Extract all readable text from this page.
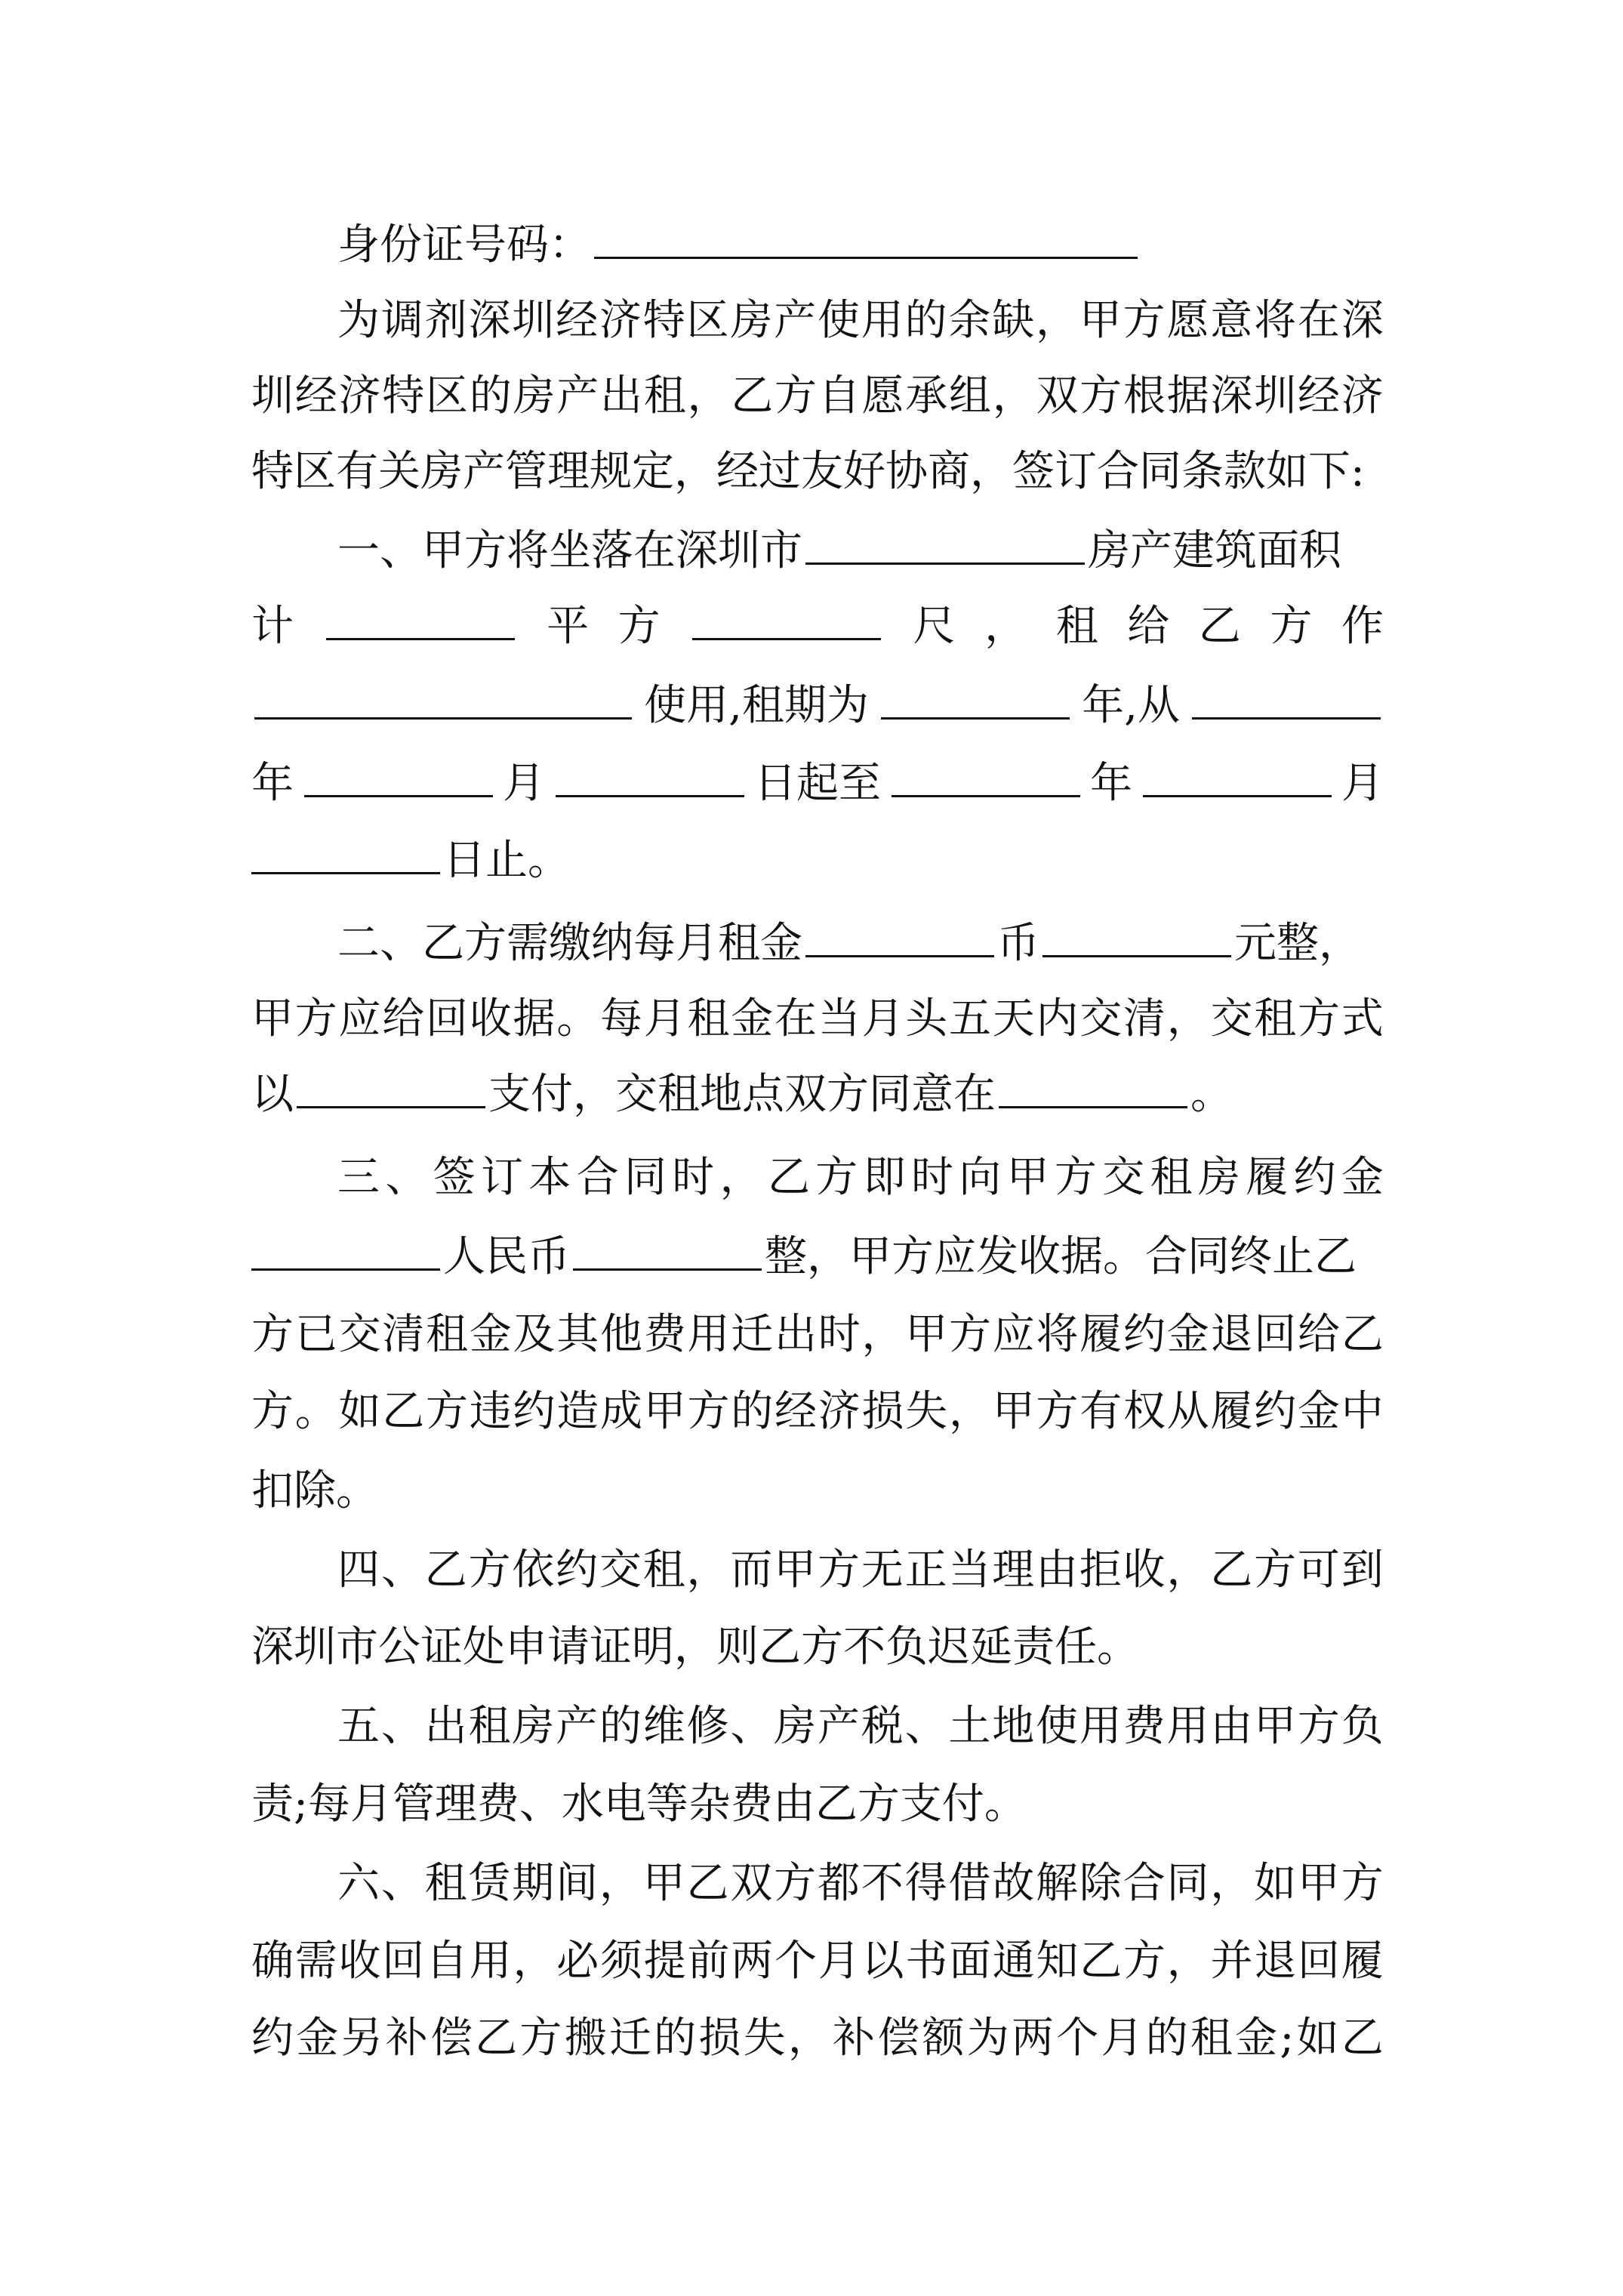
身份证号码：
为 调 剂 深 圳 经 济 特 区 房 产 使 用 的 余 缺 ， 甲 方 愿 意 将 在 深
圳 经 济 特 区 的 房 产 出 租 ， 乙 方 自 愿 承 组 ， 双 方 根 据 深 圳 经 济
特区有关房产管理规定，经过友好协商，签订合同条款如下:
一、甲方将坐落在深圳市	房产建筑面积
计	平 方	尺 ， 租 给 乙 方 作
使用,租期为	年,从
年	月	日起至	年	月
日止。
二、乙方需缴纳每月租金	币	元整，
甲 方 应 给 回 收 据 。 每 月 租 金 在 当 月 头 五 天 内 交 清 ， 交 租 方 式
以	支付，交租地点双方同意在	。
三 、 签 订 本 合 同 时 ， 乙 方 即 时 向 甲 方 交 租 房 履 约 金
人民币	整，甲方应发收据。合同终止乙
方 已 交 清 租 金 及 其 他 费 用 迁 出 时 ， 甲 方 应 将 履 约 金 退 回 给 乙
方 。 如 乙 方 违 约 造 成 甲 方 的 经 济 损 失 ， 甲 方 有 权 从 履 约 金 中
扣除。
四 、 乙 方 依 约 交 租 ， 而 甲 方 无 正 当 理 由 拒 收 ， 乙 方 可 到
深圳市公证处申请证明，则乙方不负迟延责任。
五 、 出 租 房 产 的 维 修 、 房 产 税 、 土 地 使 用 费 用 由 甲 方 负
责;每月管理费、水电等杂费由乙方支付。
六 、 租 赁 期 间 ， 甲 乙 双 方 都 不 得 借 故 解 除 合 同 ， 如 甲 方
确 需 收 回 自 用 ， 必 须 提 前 两 个 月 以 书 面 通 知 乙 方 ， 并 退 回 履
约 金 另 补 偿 乙 方 搬 迁 的 损 失 ， 补 偿 额 为 两 个 月 的 租 金 ; 如 乙
